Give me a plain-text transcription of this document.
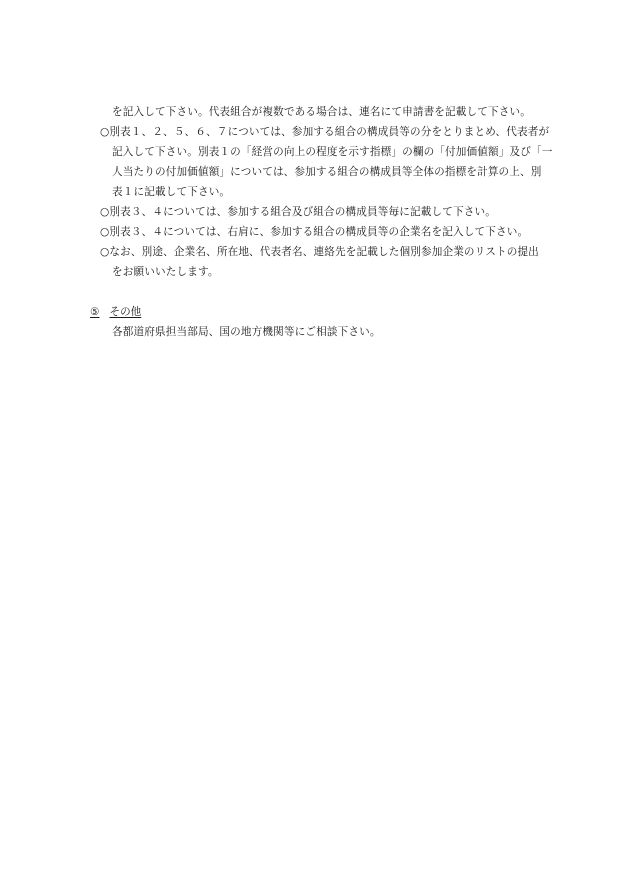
を記入して下さい。代表組合が複数である場合は、連名にて申請書を記載して下さい。
○別表１、２、５、６、７については、参加する組合の構成員等の分をとりまとめ、代表者が
記入して下さい。別表１の「経営の向上の程度を示す指標」の欄の「付加価値額」及び「一
人当たりの付加価値額」については、参加する組合の構成員等全体の指標を計算の上、別
表１に記載して下さい。
○別表３、４については、参加する組合及び組合の構成員等毎に記載して下さい。
○別表３、４については、右肩に、参加する組合の構成員等の企業名を記入して下さい。
○なお、別途、企業名、所在地、代表者名、連絡先を記載した個別参加企業のリストの提出
をお願いいたします。
⑤ その他
各都道府県担当部局、国の地方機関等にご相談下さい。
